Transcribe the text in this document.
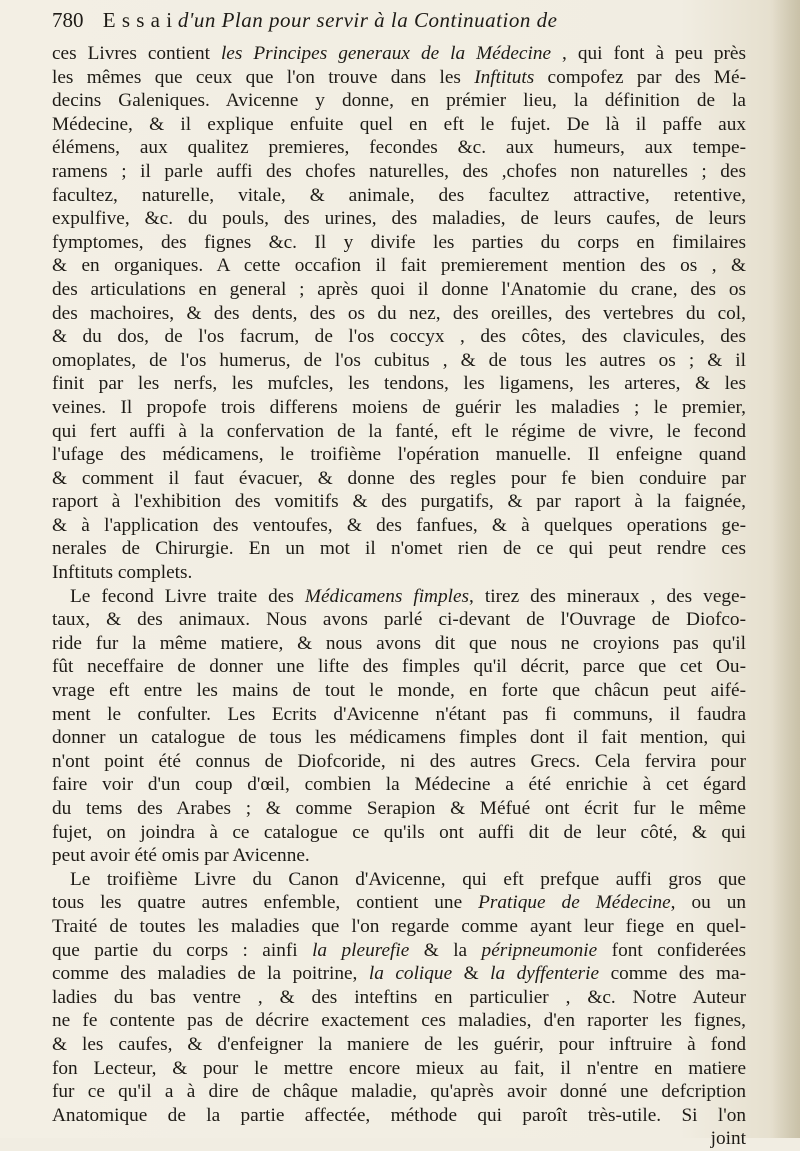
780 E s s a i d'un Plan pour servir à la Continuation de
ces Livres contient les Principes generaux de la Médecine , qui font à peu près
les mêmes que ceux que l'on trouve dans les Inftituts compofez par des Mé-
decins Galeniques. Avicenne y donne, en prémier lieu, la définition de la
Médecine, & il explique enfuite quel en eft le fujet. De là il paffe aux
élémens, aux qualitez premieres, fecondes &c. aux humeurs, aux tempe-
ramens ; il parle auffi des chofes naturelles, des ,chofes non naturelles ; des
facultez, naturelle, vitale, & animale, des facultez attractive, retentive,
expulfive, &c. du pouls, des urines, des maladies, de leurs caufes, de leurs
fymptomes, des fignes &c. Il y divife les parties du corps en fimilaires
& en organiques. A cette occafion il fait premierement mention des os , &
des articulations en general ; après quoi il donne l'Anatomie du crane, des os
des machoires, & des dents, des os du nez, des oreilles, des vertebres du col,
& du dos, de l'os facrum, de l'os coccyx , des côtes, des clavicules, des
omoplates, de l'os humerus, de l'os cubitus , & de tous les autres os ; & il
finit par les nerfs, les mufcles, les tendons, les ligamens, les arteres, & les
veines. Il propofe trois differens moiens de guérir les maladies ; le premier,
qui fert auffi à la confervation de la fanté, eft le régime de vivre, le fecond
l'ufage des médicamens, le troifième l'opération manuelle. Il enfeigne quand
& comment il faut évacuer, & donne des regles pour fe bien conduire par
raport à l'exhibition des vomitifs & des purgatifs, & par raport à la faignée,
& à l'application des ventoufes, & des fanfues, & à quelques operations ge-
nerales de Chirurgie. En un mot il n'omet rien de ce qui peut rendre ces
Inftituts complets.
Le fecond Livre traite des Médicamens fimples, tirez des mineraux , des vege-
taux, & des animaux. Nous avons parlé ci-devant de l'Ouvrage de Diofco-
ride fur la même matiere, & nous avons dit que nous ne croyions pas qu'il
fût neceffaire de donner une lifte des fimples qu'il décrit, parce que cet Ou-
vrage eft entre les mains de tout le monde, en forte que châcun peut aifé-
ment le confulter. Les Ecrits d'Avicenne n'étant pas fi communs, il faudra
donner un catalogue de tous les médicamens fimples dont il fait mention, qui
n'ont point été connus de Diofcoride, ni des autres Grecs. Cela fervira pour
faire voir d'un coup d'œil, combien la Médecine a été enrichie à cet égard
du tems des Arabes ; & comme Serapion & Méfué ont écrit fur le même
fujet, on joindra à ce catalogue ce qu'ils ont auffi dit de leur côté, & qui
peut avoir été omis par Avicenne.
Le troifième Livre du Canon d'Avicenne, qui eft prefque auffi gros que
tous les quatre autres enfemble, contient une Pratique de Médecine, ou un
Traité de toutes les maladies que l'on regarde comme ayant leur fiege en quel-
que partie du corps : ainfi la pleurefie & la péripneumonie font confiderées
comme des maladies de la poitrine, la colique & la dyffenterie comme des ma-
ladies du bas ventre , & des inteftins en particulier , &c. Notre Auteur
ne fe contente pas de décrire exactement ces maladies, d'en raporter les fignes,
& les caufes, & d'enfeigner la maniere de les guérir, pour inftruire à fond
fon Lecteur, & pour le mettre encore mieux au fait, il n'entre en matiere
fur ce qu'il a à dire de châque maladie, qu'après avoir donné une defcription
Anatomique de la partie affectée, méthode qui paroît très-utile. Si l'on
joint
